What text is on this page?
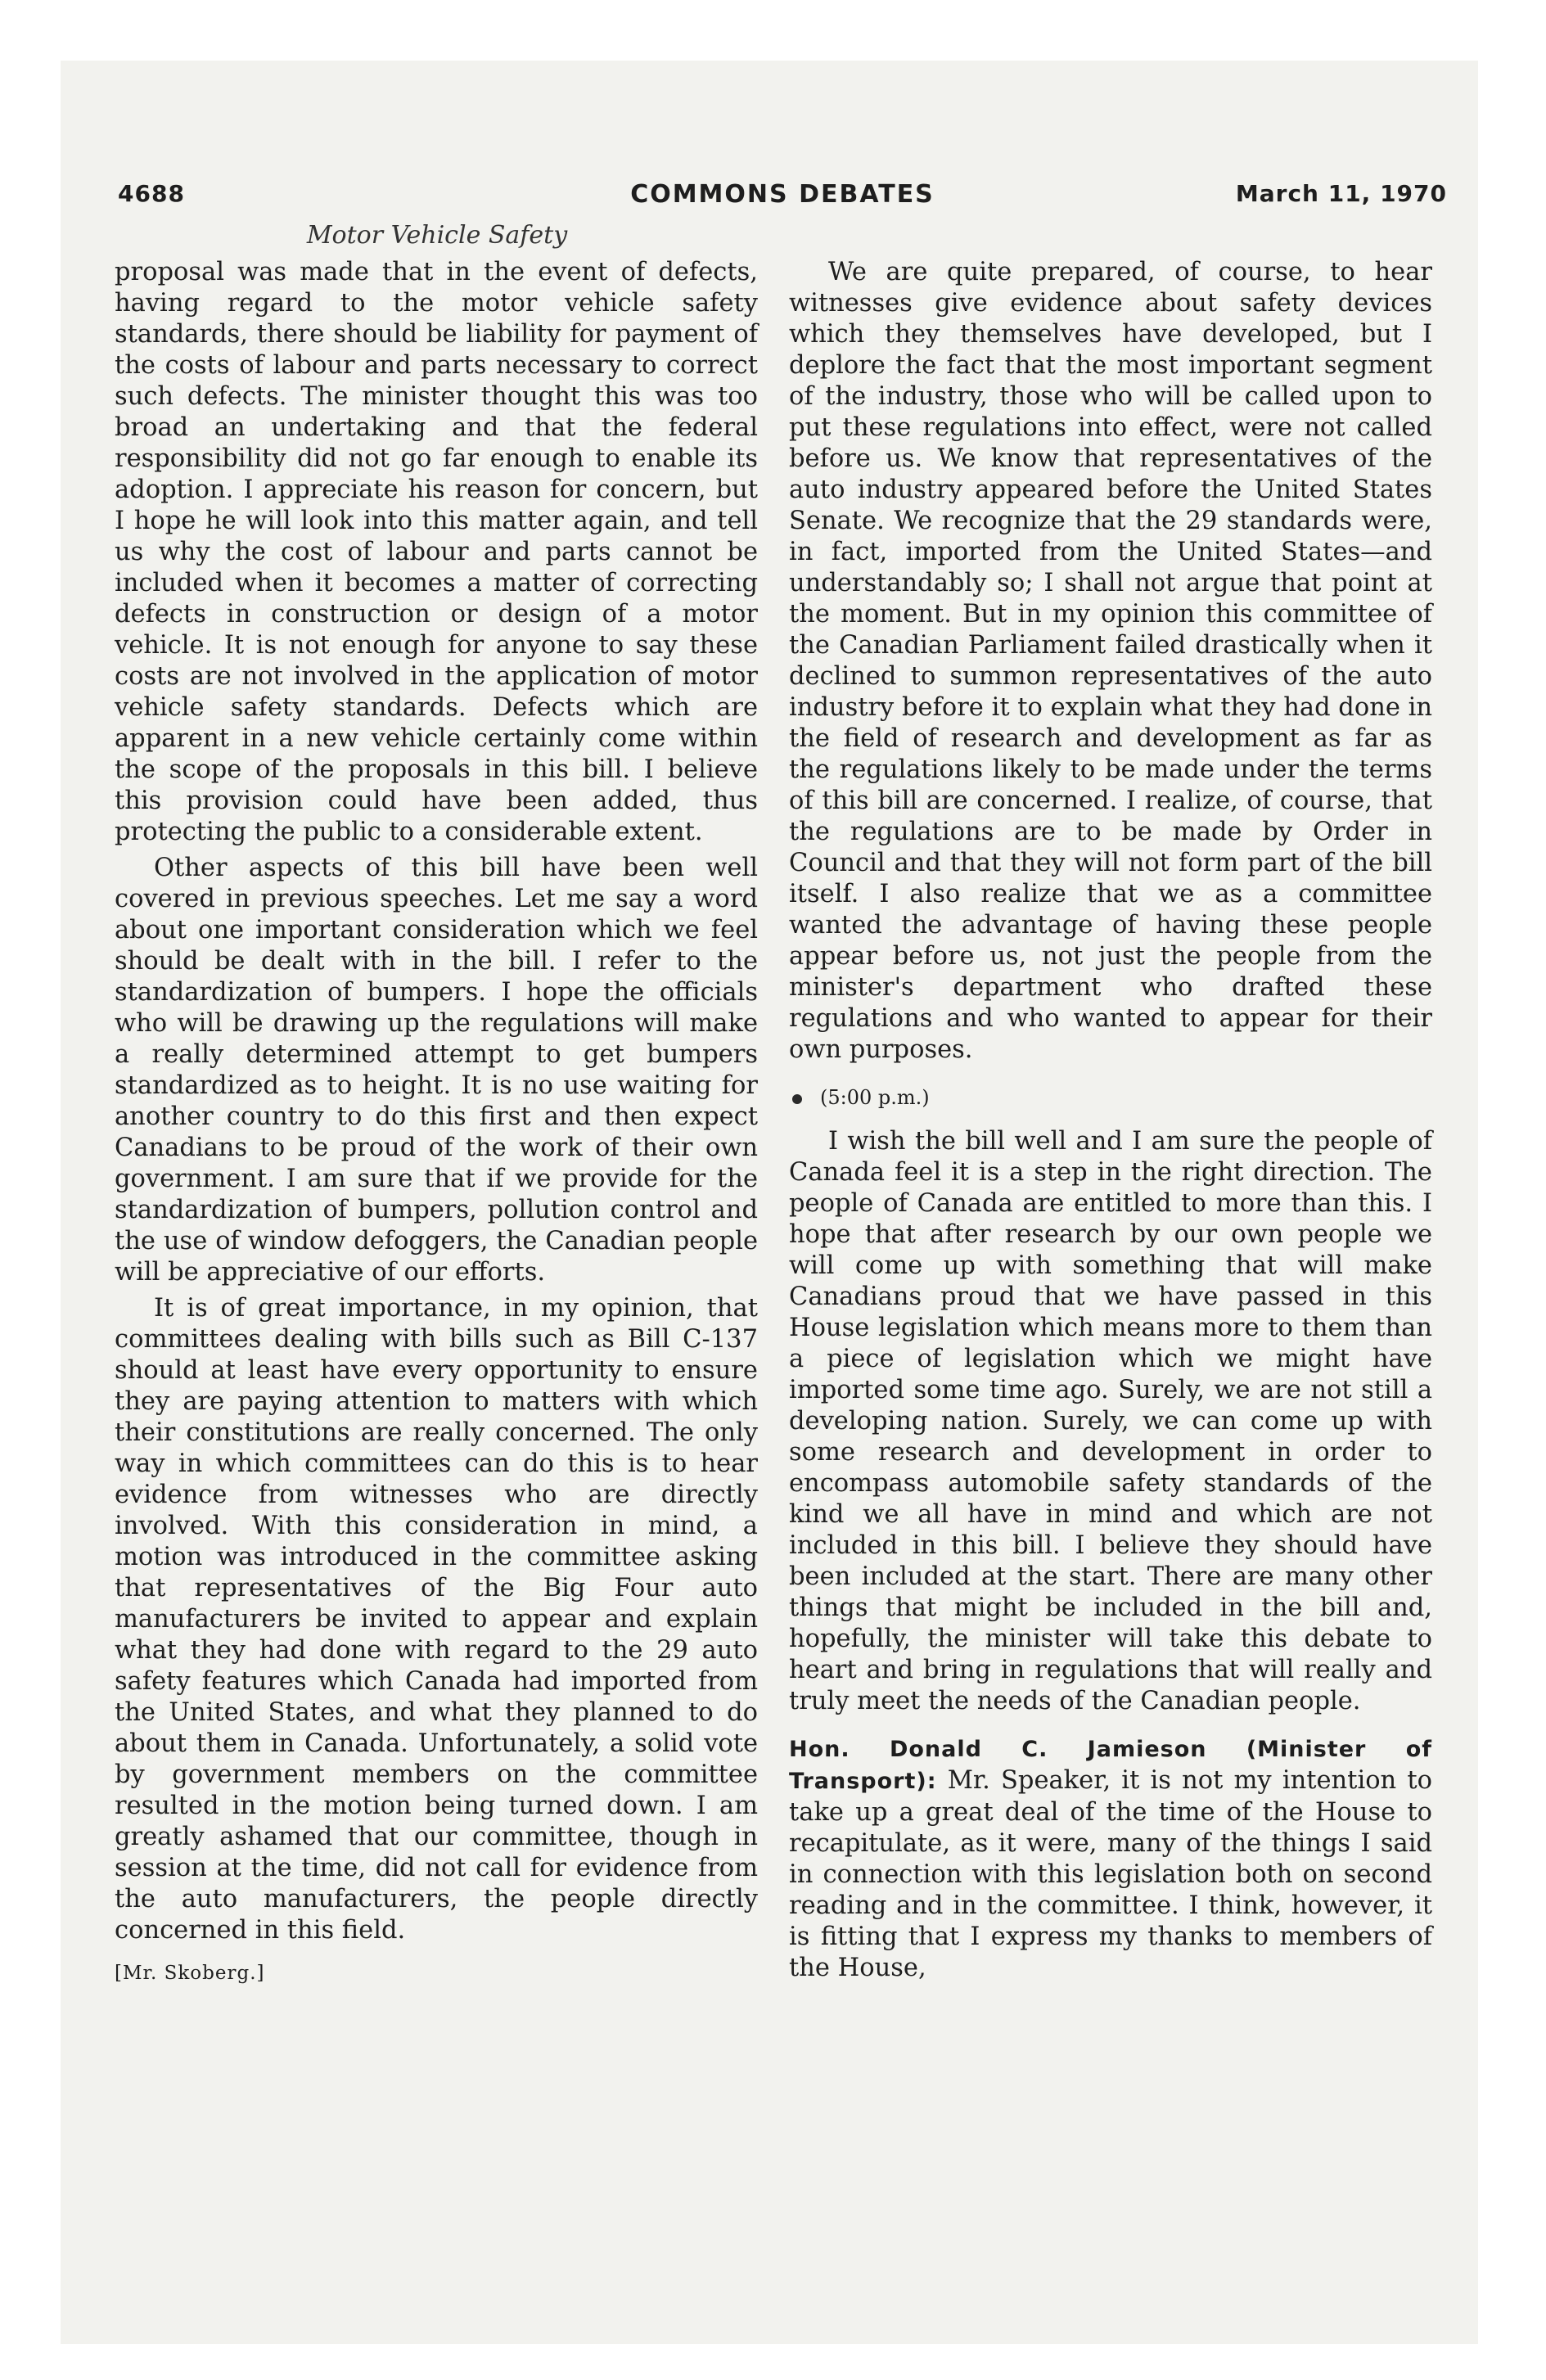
4688	COMMONS DEBATES	March 11, 1970
Motor Vehicle Safety

proposal was made that in the event of defects, having regard to the motor vehicle safety standards, there should be liability for payment of the costs of labour and parts necessary to correct such defects. The minister thought this was too broad an undertaking and that the federal responsibility did not go far enough to enable its adoption. I appreciate his reason for concern, but I hope he will look into this matter again, and tell us why the cost of labour and parts cannot be included when it becomes a matter of correcting defects in construction or design of a motor vehicle. It is not enough for anyone to say these costs are not involved in the application of motor vehicle safety standards. Defects which are apparent in a new vehicle certainly come within the scope of the proposals in this bill. I believe this provision could have been added, thus protecting the public to a considerable extent.

Other aspects of this bill have been well covered in previous speeches. Let me say a word about one important consideration which we feel should be dealt with in the bill. I refer to the standardization of bumpers. I hope the officials who will be drawing up the regulations will make a really determined attempt to get bumpers standardized as to height. It is no use waiting for another country to do this first and then expect Canadians to be proud of the work of their own government. I am sure that if we provide for the standardization of bumpers, pollution control and the use of window defoggers, the Canadian people will be appreciative of our efforts.

It is of great importance, in my opinion, that committees dealing with bills such as Bill C-137 should at least have every opportunity to ensure they are paying attention to matters with which their constitutions are really concerned. The only way in which committees can do this is to hear evidence from witnesses who are directly involved. With this consideration in mind, a motion was introduced in the committee asking that representatives of the Big Four auto manufacturers be invited to appear and explain what they had done with regard to the 29 auto safety features which Canada had imported from the United States, and what they planned to do about them in Canada. Unfortunately, a solid vote by government members on the committee resulted in the motion being turned down. I am greatly ashamed that our committee, though in session at the time, did not call for evidence from the auto manufacturers, the people directly concerned in this field.

[Mr. Skoberg.]

We are quite prepared, of course, to hear witnesses give evidence about safety devices which they themselves have developed, but I deplore the fact that the most important segment of the industry, those who will be called upon to put these regulations into effect, were not called before us. We know that representatives of the auto industry appeared before the United States Senate. We recognize that the 29 standards were, in fact, imported from the United States—and understandably so; I shall not argue that point at the moment. But in my opinion this committee of the Canadian Parliament failed drastically when it declined to summon representatives of the auto industry before it to explain what they had done in the field of research and development as far as the regulations likely to be made under the terms of this bill are concerned. I realize, of course, that the regulations are to be made by Order in Council and that they will not form part of the bill itself. I also realize that we as a committee wanted the advantage of having these people appear before us, not just the people from the minister's department who drafted these regulations and who wanted to appear for their own purposes.

(5:00 p.m.)

I wish the bill well and I am sure the people of Canada feel it is a step in the right direction. The people of Canada are entitled to more than this. I hope that after research by our own people we will come up with something that will make Canadians proud that we have passed in this House legislation which means more to them than a piece of legislation which we might have imported some time ago. Surely, we are not still a developing nation. Surely, we can come up with some research and development in order to encompass automobile safety standards of the kind we all have in mind and which are not included in this bill. I believe they should have been included at the start. There are many other things that might be included in the bill and, hopefully, the minister will take this debate to heart and bring in regulations that will really and truly meet the needs of the Canadian people.

Hon. Donald C. Jamieson (Minister of Transport): Mr. Speaker, it is not my intention to take up a great deal of the time of the House to recapitulate, as it were, many of the things I said in connection with this legislation both on second reading and in the committee. I think, however, it is fitting that I express my thanks to members of the House,
